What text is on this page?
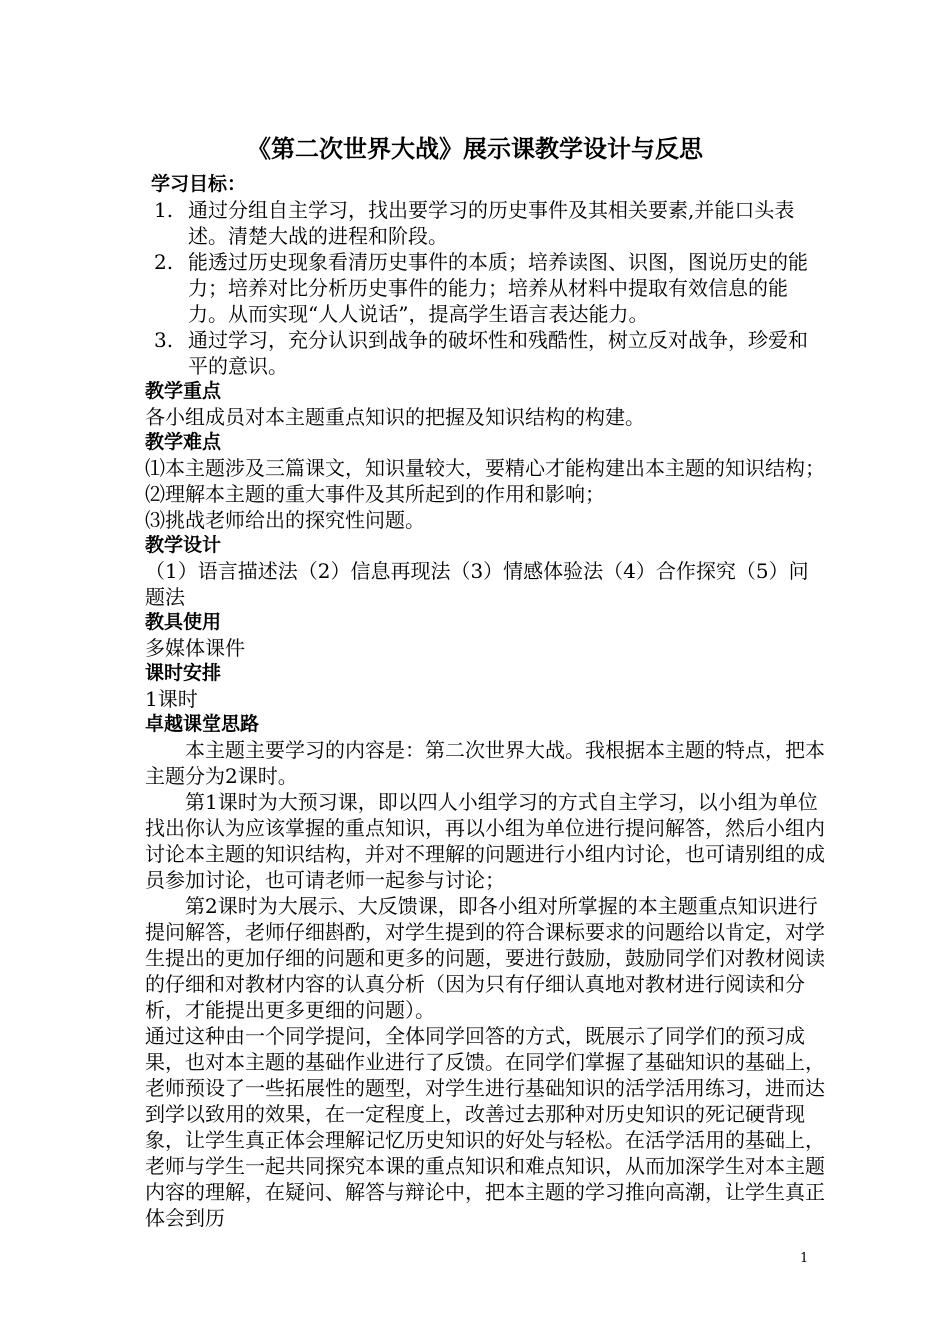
《第二次世界大战》展示课教学设计与反思
学习目标：
1. 通过分组自主学习，找出要学习的历史事件及其相关要素,并能口头表述。清楚大战的进程和阶段。
2. 能透过历史现象看清历史事件的本质；培养读图、识图，图说历史的能力；培养对比分析历史事件的能力；培养从材料中提取有效信息的能力。从而实现“人人说话”，提高学生语言表达能力。
3. 通过学习，充分认识到战争的破坏性和残酷性，树立反对战争，珍爱和平的意识。
教学重点

各小组成员对本主题重点知识的把握及知识结构的构建。

教学难点

⑴本主题涉及三篇课文，知识量较大，要精心才能构建出本主题的知识结构；

⑵理解本主题的重大事件及其所起到的作用和影响；

⑶挑战老师给出的探究性问题。

教学设计

（1）语言描述法（2）信息再现法（3）情感体验法（4）合作探究（5）问题法

教具使用

多媒体课件

课时安排

1课时

卓越课堂思路

本主题主要学习的内容是：第二次世界大战。我根据本主题的特点，把本主题分为2课时。

第1课时为大预习课，即以四人小组学习的方式自主学习，以小组为单位找出你认为应该掌握的重点知识，再以小组为单位进行提问解答，然后小组内讨论本主题的知识结构，并对不理解的问题进行小组内讨论，也可请别组的成员参加讨论，也可请老师一起参与讨论；

第2课时为大展示、大反馈课，即各小组对所掌握的本主题重点知识进行提问解答，老师仔细斟酌，对学生提到的符合课标要求的问题给以肯定，对学生提出的更加仔细的问题和更多的问题，要进行鼓励，鼓励同学们对教材阅读的仔细和对教材内容的认真分析（因为只有仔细认真地对教材进行阅读和分析，才能提出更多更细的问题）。

通过这种由一个同学提问，全体同学回答的方式，既展示了同学们的预习成果，也对本主题的基础作业进行了反馈。在同学们掌握了基础知识的基础上，老师预设了一些拓展性的题型，对学生进行基础知识的活学活用练习，进而达到学以致用的效果，在一定程度上，改善过去那种对历史知识的死记硬背现象，让学生真正体会理解记忆历史知识的好处与轻松。在活学活用的基础上，老师与学生一起共同探究本课的重点知识和难点知识，从而加深学生对本主题内容的理解，在疑问、解答与辩论中，把本主题的学习推向高潮，让学生真正体会到历

1
